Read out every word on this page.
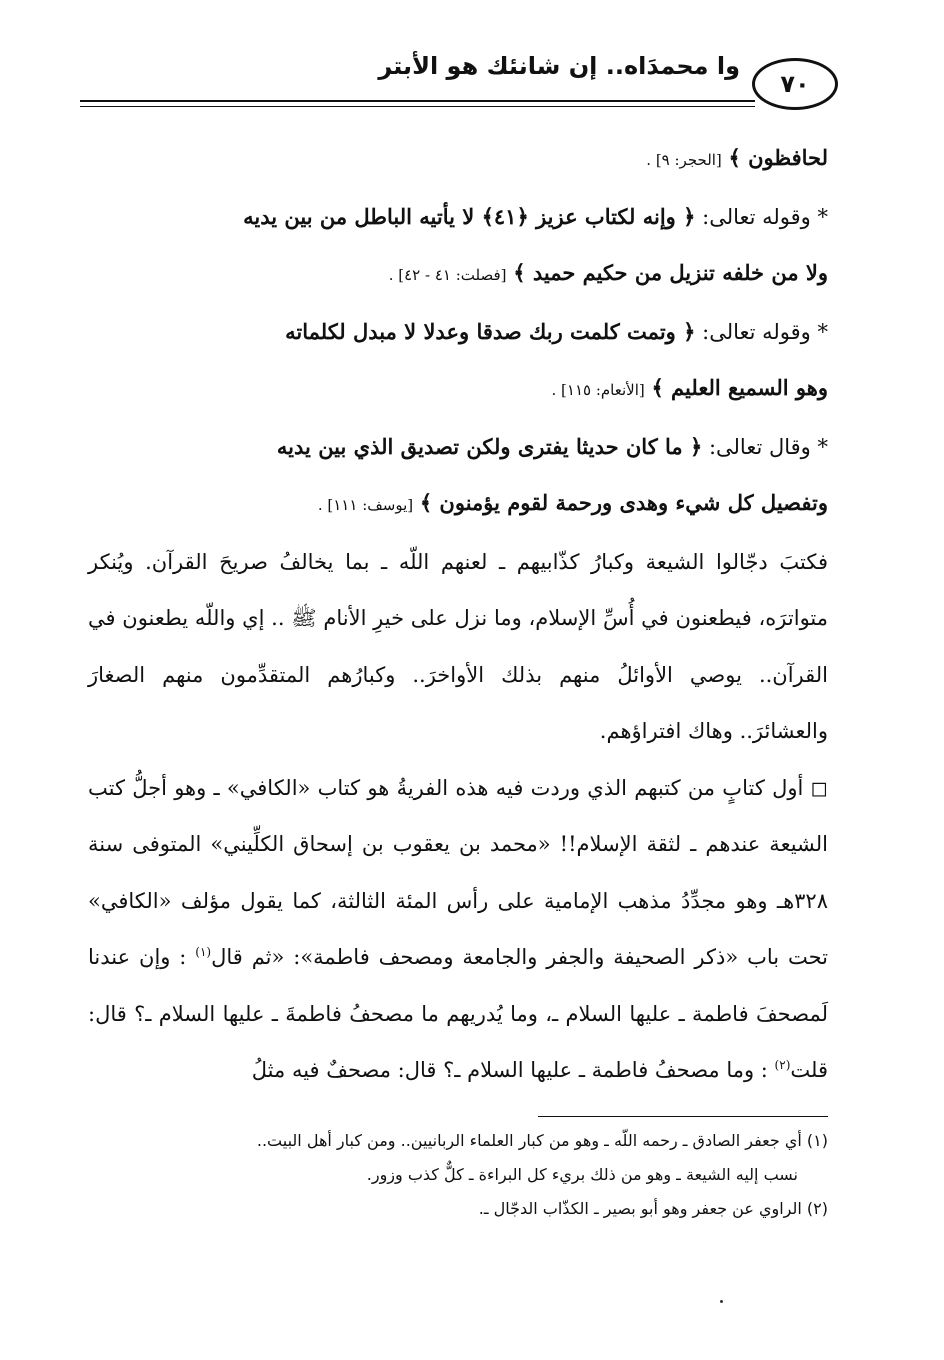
وا محمدَاه.. إن شانئك هو الأبتر
٧٠

لحافظون ﴾ [الحجر: ٩] .

* وقوله تعالى: ﴿ وإنه لكتاب عزيز ﴿٤١﴾ لا يأتيه الباطل من بين يديه

ولا من خلفه تنزيل من حكيم حميد ﴾ [فصلت: ٤١ - ٤٢] .

* وقوله تعالى: ﴿ وتمت كلمت ربك صدقا وعدلا لا مبدل لكلماته

وهو السميع العليم ﴾ [الأنعام: ١١٥] .

* وقال تعالى: ﴿ ما كان حديثا يفترى ولكن تصديق الذي بين يديه

وتفصيل كل شيء وهدى ورحمة لقوم يؤمنون ﴾ [يوسف: ١١١] .

فكتبَ دجّالوا الشيعة وكبارُ كذّابيهم ـ لعنهم اللّه ـ بما يخالفُ صريحَ القرآن. ويُنكر متواترَه، فيطعنون في أُسِّ الإسلام، وما نزل على خيرِ الأنام ﷺ .. إي واللّه يطعنون في القرآن.. يوصي الأوائلُ منهم بذلك الأواخرَ.. وكبارُهم المتقدِّمون منهم الصغارَ والعشائرَ.. وهاك افتراؤهم.

◻ أول كتابٍ من كتبهم الذي وردت فيه هذه الفريةُ هو كتاب «الكافي» ـ وهو أجلُّ كتب الشيعة عندهم ـ لثقة الإسلام!! «محمد بن يعقوب بن إسحاق الكلِّيني» المتوفى سنة ٣٢٨هـ وهو مجدِّدُ مذهب الإمامية على رأس المئة الثالثة، كما يقول مؤلف «الكافي» تحت باب «ذكر الصحيفة والجفر والجامعة ومصحف فاطمة»: «ثم قال$^{(١)}$ : وإن عندنا لَمصحفَ فاطمة ـ عليها السلام ـ، وما يُدريهم ما مصحفُ فاطمةَ ـ عليها السلام ـ؟ قال: قلت$^{(٢)}$ : وما مصحفُ فاطمة ـ عليها السلام ـ؟ قال: مصحفٌ فيه مثلُ

(١) أي جعفر الصادق ـ رحمه اللّه ـ وهو من كبار العلماء الربانيين.. ومن كبار أهل البيت..

نسب إليه الشيعة ـ وهو من ذلك بريء كل البراءة ـ كلٌّ كذب وزور.

(٢) الراوي عن جعفر وهو أبو بصير ـ الكذّاب الدجّال ـ.
